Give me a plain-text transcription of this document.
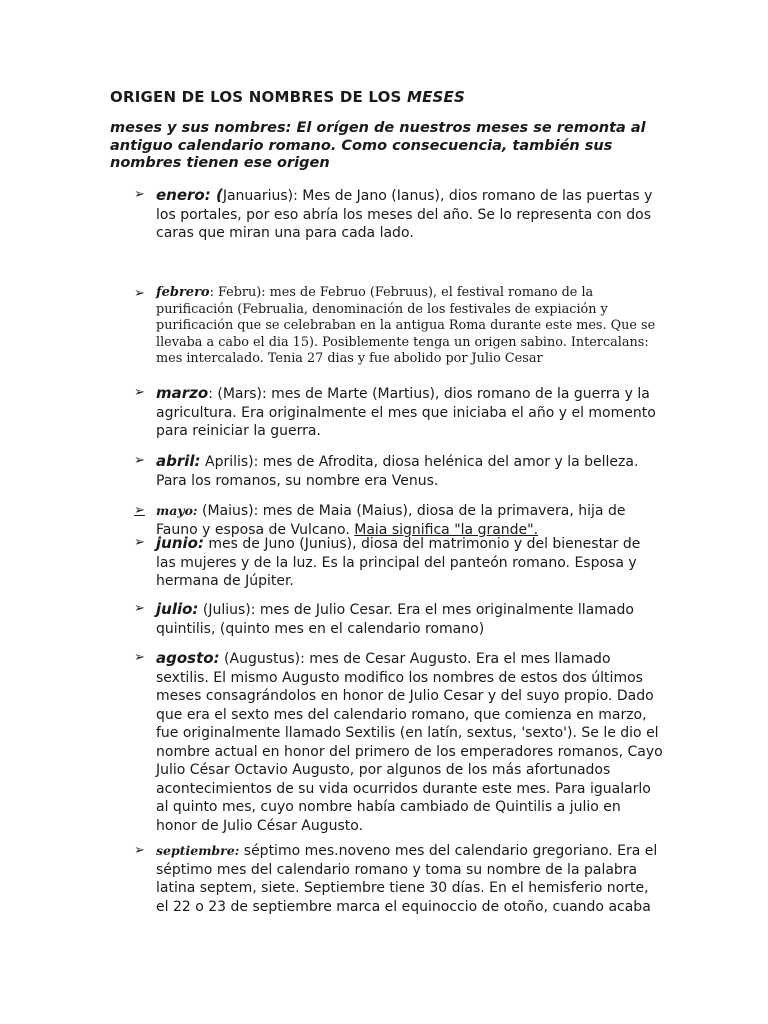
ORIGEN DE LOS NOMBRES DE LOS MESES
meses y sus nombres: El orígen de nuestros meses se remonta al antiguo calendario romano. Como consecuencia, también sus nombres tienen ese origen
➢ enero: (Januarius): Mes de Jano (Ianus), dios romano de las puertas y los portales, por eso abría los meses del año. Se lo representa con dos caras que miran una para cada lado.
➢ febrero: Febru): mes de Februo (Februus), el festival romano de la purificación (Februalia, denominación de los festivales de expiación y purificación que se celebraban en la antigua Roma durante este mes. Que se llevaba a cabo el dia 15). Posiblemente tenga un origen sabino. Intercalans: mes intercalado. Tenia 27 dias y fue abolido por Julio Cesar
➢ marzo: (Mars): mes de Marte (Martius), dios romano de la guerra y la agricultura. Era originalmente el mes que iniciaba el año y el momento para reiniciar la guerra.
➢ abril: Aprilis): mes de Afrodita, diosa helénica del amor y la belleza. Para los romanos, su nombre era Venus.
➢ mayo: (Maius): mes de Maia (Maius), diosa de la primavera, hija de Fauno y esposa de Vulcano. Maia significa "la grande".
➢ junio: mes de Juno (Junius), diosa del matrimonio y del bienestar de las mujeres y de la luz. Es la principal del panteón romano. Esposa y hermana de Júpiter.
➢ julio: (Julius): mes de Julio Cesar. Era el mes originalmente llamado quintilis, (quinto mes en el calendario romano)
➢ agosto: (Augustus): mes de Cesar Augusto. Era el mes llamado sextilis. El mismo Augusto modifico los nombres de estos dos últimos meses consagrándolos en honor de Julio Cesar y del suyo propio. Dado que era el sexto mes del calendario romano, que comienza en marzo, fue originalmente llamado Sextilis (en latín, sextus, 'sexto'). Se le dio el nombre actual en honor del primero de los emperadores romanos, Cayo Julio César Octavio Augusto, por algunos de los más afortunados acontecimientos de su vida ocurridos durante este mes. Para igualarlo al quinto mes, cuyo nombre había cambiado de Quintilis a julio en honor de Julio César Augusto.
➢ septiembre: séptimo mes.noveno mes del calendario gregoriano. Era el séptimo mes del calendario romano y toma su nombre de la palabra latina septem, siete. Septiembre tiene 30 días. En el hemisferio norte, el 22 o 23 de septiembre marca el equinoccio de otoño, cuando acaba
